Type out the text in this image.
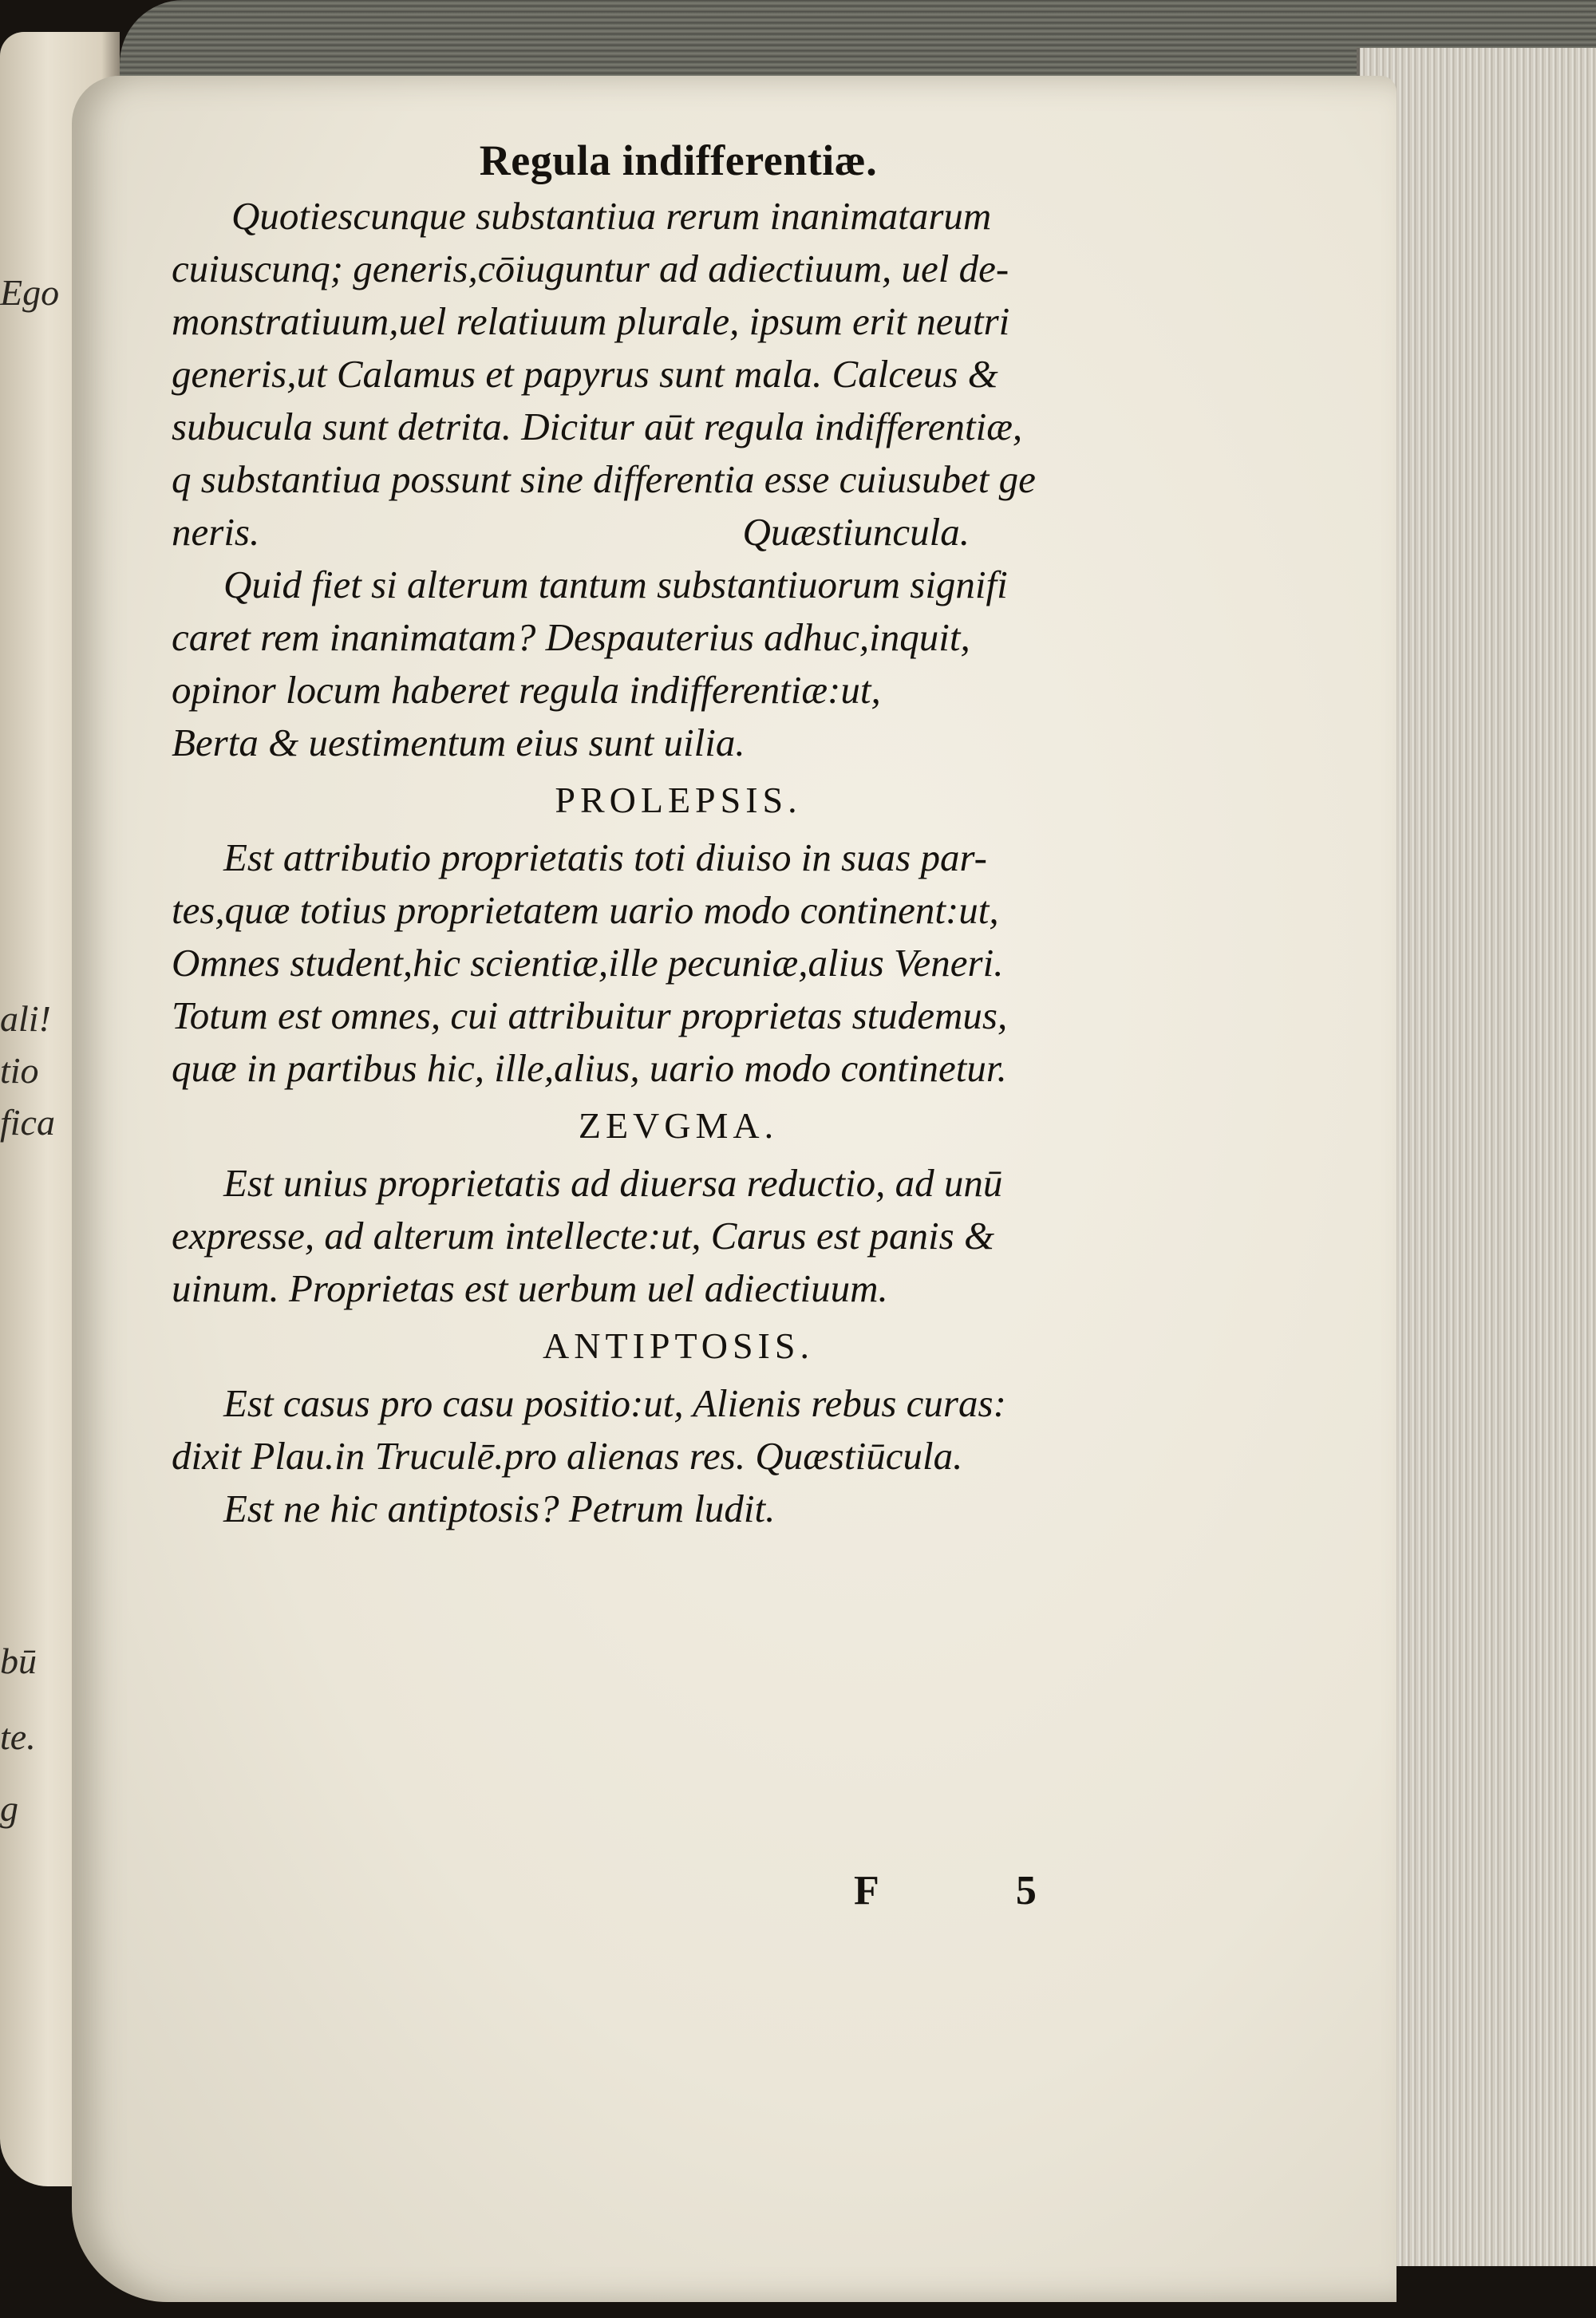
Ego
ali!
tio
fica
bū
te.
g
Regula indifferentiæ.
Quotiescunque substantiua rerum inanimatarum
cuiuscunq; generis,cōiuguntur ad adiectiuum, uel de-
monstratiuum,uel relatiuum plurale, ipsum erit neutri
generis,ut Calamus et papyrus sunt mala. Calceus &
subucula sunt detrita. Dicitur aūt regula indifferentiæ,
q substantiua possunt sine differentia esse cuiusubet ge
neris.	Quæstiuncula.
Quid fiet si alterum tantum substantiuorum signifi
caret rem inanimatam? Despauterius adhuc,inquit,
opinor locum haberet regula indifferentiæ:ut,
Berta & uestimentum eius sunt uilia.
PROLEPSIS.
Est attributio proprietatis toti diuiso in suas par-
tes,quæ totius proprietatem uario modo continent:ut,
Omnes student,hic scientiæ,ille pecuniæ,alius Veneri.
Totum est omnes, cui attribuitur proprietas studemus,
quæ in partibus hic, ille,alius, uario modo continetur.
ZEVGMA.
Est unius proprietatis ad diuersa reductio, ad unū
expresse, ad alterum intellecte:ut, Carus est panis &
uinum. Proprietas est uerbum uel adiectiuum.
ANTIPTOSIS.
Est casus pro casu positio:ut, Alienis rebus curas:
dixit Plau.in Truculē.pro alienas res. Quæstiūcula.
Est ne hic antiptosis? Petrum ludit.
F 5
